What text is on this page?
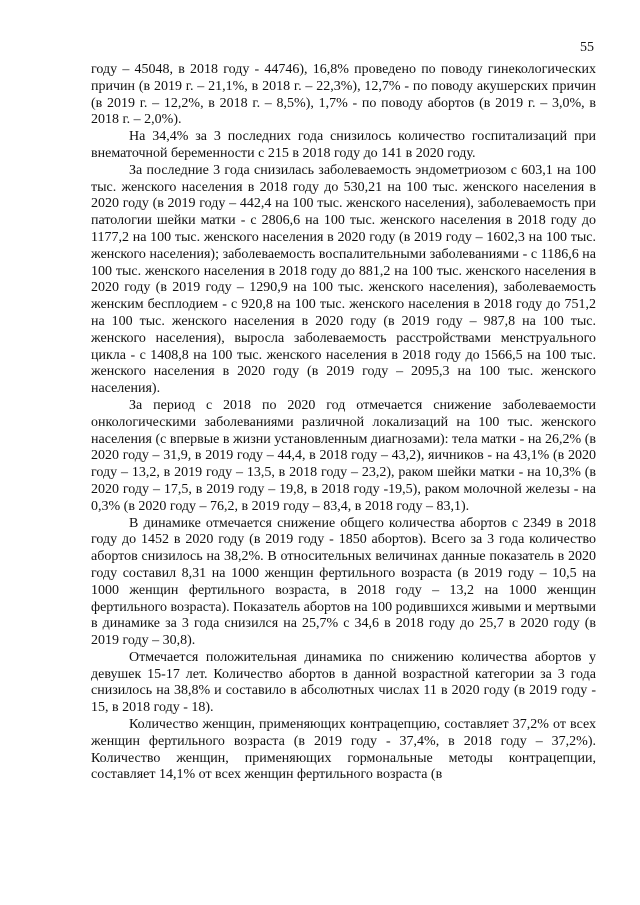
55

году – 45048, в 2018 году - 44746), 16,8% проведено по поводу гинекологических причин (в 2019 г. – 21,1%, в 2018 г. – 22,3%), 12,7% - по поводу акушерских причин (в 2019 г. – 12,2%, в 2018 г. – 8,5%), 1,7% - по поводу абортов (в 2019 г. – 3,0%, в 2018 г. – 2,0%).

На 34,4% за 3 последних года снизилось количество госпитализаций при внематочной беременности с 215 в 2018 году до 141 в 2020 году.

За последние 3 года снизилась заболеваемость эндометриозом с 603,1 на 100 тыс. женского населения в 2018 году до 530,21 на 100 тыс. женского населения в 2020 году (в 2019 году – 442,4 на 100 тыс. женского населения), заболеваемость при патологии шейки матки - с 2806,6 на 100 тыс. женского населения в 2018 году до 1177,2 на 100 тыс. женского населения в 2020 году (в 2019 году – 1602,3 на 100 тыс. женского населения); заболеваемость воспалительными заболеваниями - с 1186,6 на 100 тыс. женского населения в 2018 году до 881,2 на 100 тыс. женского населения в 2020 году (в 2019 году – 1290,9 на 100 тыс. женского населения), заболеваемость женским бесплодием - с 920,8 на 100 тыс. женского населения в 2018 году до 751,2 на 100 тыс. женского населения в 2020 году (в 2019 году – 987,8 на 100 тыс. женского населения), выросла заболеваемость расстройствами менструального цикла - с 1408,8 на 100 тыс. женского населения в 2018 году до 1566,5 на 100 тыс. женского населения в 2020 году (в 2019 году – 2095,3 на 100 тыс. женского населения).

За период с 2018 по 2020 год отмечается снижение заболеваемости онкологическими заболеваниями различной локализаций на 100 тыс. женского населения (с впервые в жизни установленным диагнозами): тела матки - на 26,2% (в 2020 году – 31,9, в 2019 году – 44,4, в 2018 году – 43,2), яичников - на 43,1% (в 2020 году – 13,2, в 2019 году – 13,5, в 2018 году – 23,2), раком шейки матки - на 10,3% (в 2020 году – 17,5, в 2019 году – 19,8, в 2018 году -19,5), раком молочной железы - на 0,3% (в 2020 году – 76,2, в 2019 году – 83,4, в 2018 году – 83,1).

В динамике отмечается снижение общего количества абортов с 2349 в 2018 году до 1452 в 2020 году (в 2019 году - 1850 абортов). Всего за 3 года количество абортов снизилось на 38,2%. В относительных величинах данные показатель в 2020 году составил 8,31 на 1000 женщин фертильного возраста (в 2019 году – 10,5 на 1000 женщин фертильного возраста, в 2018 году – 13,2 на 1000 женщин фертильного возраста). Показатель абортов на 100 родившихся живыми и мертвыми в динамике за 3 года снизился на 25,7% с 34,6 в 2018 году до 25,7 в 2020 году (в 2019 году – 30,8).

Отмечается положительная динамика по снижению количества абортов у девушек 15-17 лет. Количество абортов в данной возрастной категории за 3 года снизилось на 38,8% и составило в абсолютных числах 11 в 2020 году (в 2019 году - 15, в 2018 году - 18).

Количество женщин, применяющих контрацепцию, составляет 37,2% от всех женщин фертильного возраста (в 2019 году - 37,4%, в 2018 году – 37,2%). Количество женщин, применяющих гормональные методы контрацепции, составляет 14,1% от всех женщин фертильного возраста (в
